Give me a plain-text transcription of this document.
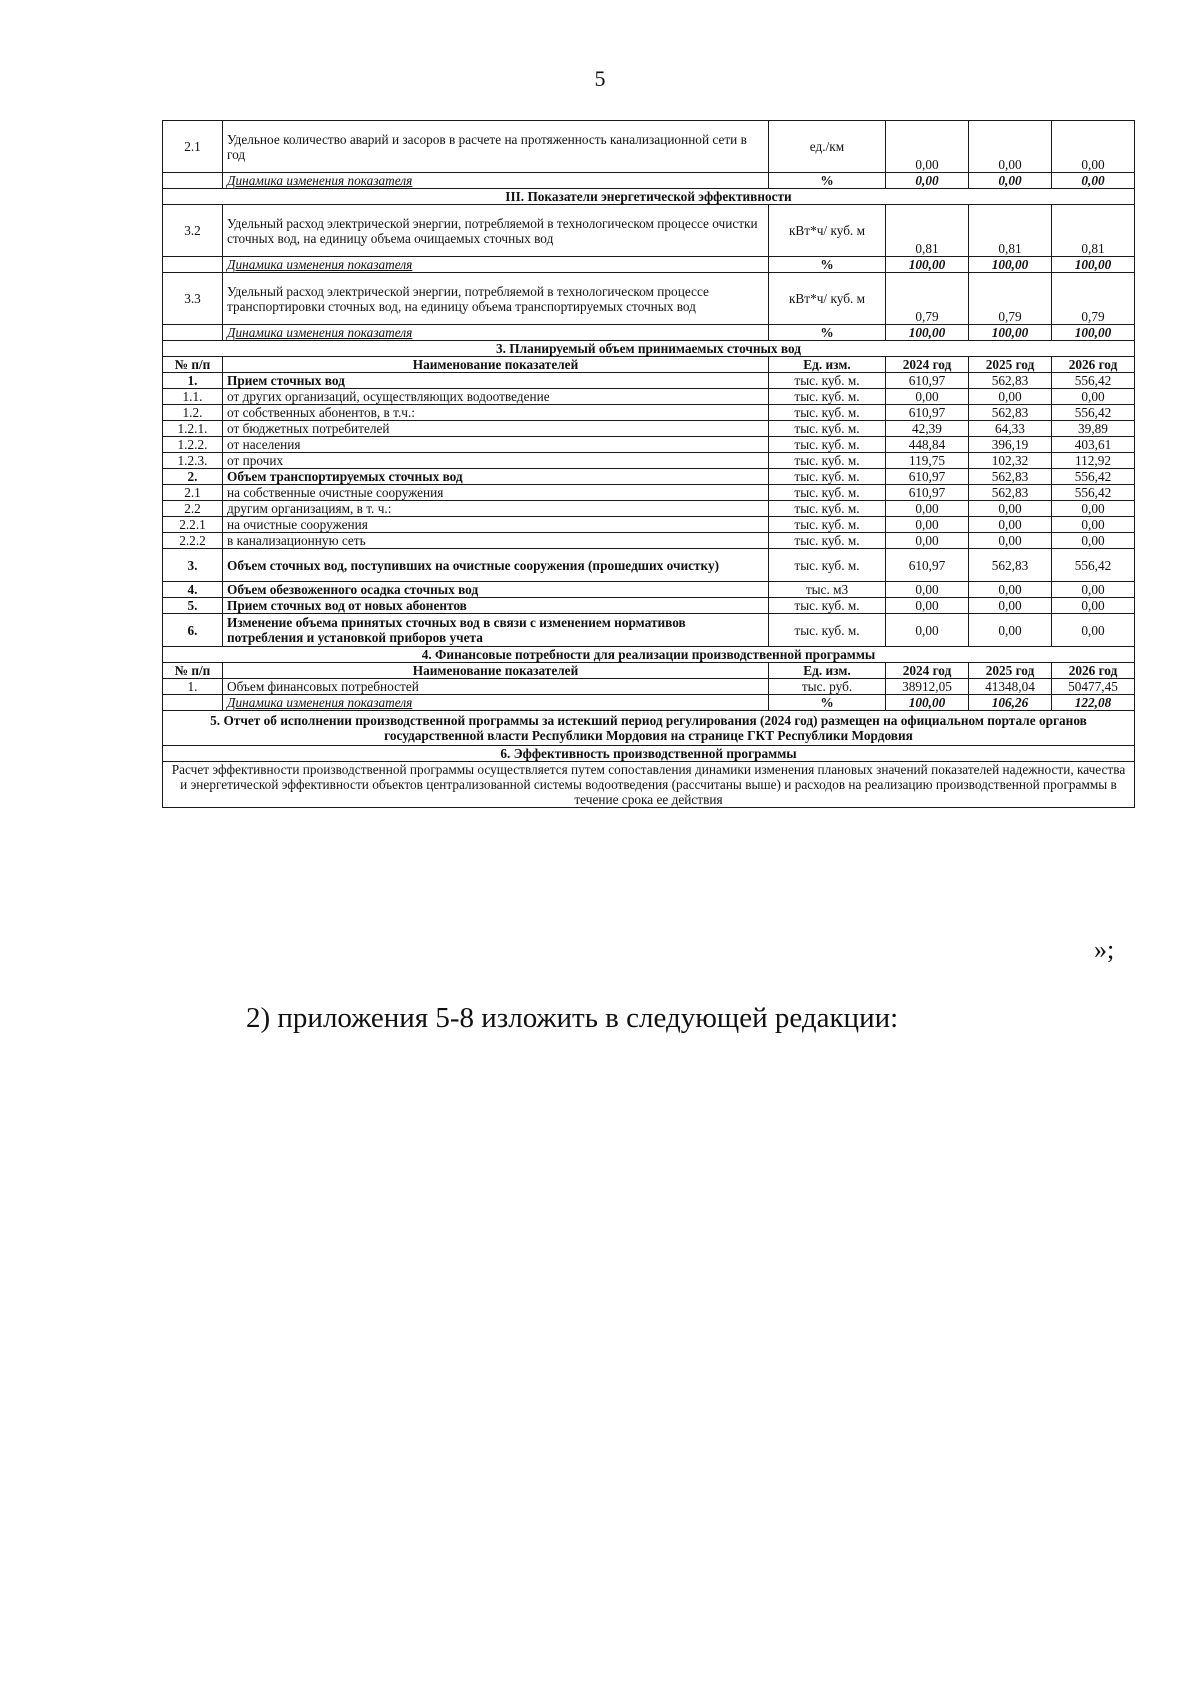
5
2.1	Удельное количество аварий и засоров в расчете на протяженность канализационной сети в год	ед./км	0,00	0,00	0,00
	Динамика изменения показателя	%	0,00	0,00	0,00
III. Показатели энергетической эффективности					
3.2	Удельный расход электрической энергии, потребляемой в технологическом процессе очистки сточных вод, на единицу объема очищаемых сточных вод	кВт*ч/ куб. м	0,81	0,81	0,81
	Динамика изменения показателя	%	100,00	100,00	100,00
3.3	Удельный расход электрической энергии, потребляемой в технологическом процессе транспортировки сточных вод, на единицу объема транспортируемых сточных вод	кВт*ч/ куб. м	0,79	0,79	0,79
	Динамика изменения показателя	%	100,00	100,00	100,00
3. Планируемый объем принимаемых сточных вод					
№ п/п	Наименование показателей	Ед. изм.	2024 год	2025 год	2026 год
1.	Прием сточных вод	тыс. куб. м.	610,97	562,83	556,42
1.1.	от других организаций, осуществляющих водоотведение	тыс. куб. м.	0,00	0,00	0,00
1.2.	от собственных абонентов, в т.ч.:	тыс. куб. м.	610,97	562,83	556,42
1.2.1.	от бюджетных потребителей	тыс. куб. м.	42,39	64,33	39,89
1.2.2.	от населения	тыс. куб. м.	448,84	396,19	403,61
1.2.3.	от прочих	тыс. куб. м.	119,75	102,32	112,92
2.	Объем транспортируемых сточных вод	тыс. куб. м.	610,97	562,83	556,42
2.1	на собственные очистные сооружения	тыс. куб. м.	610,97	562,83	556,42
2.2	другим организациям, в т. ч.:	тыс. куб. м.	0,00	0,00	0,00
2.2.1	на очистные сооружения	тыс. куб. м.	0,00	0,00	0,00
2.2.2	в канализационную сеть	тыс. куб. м.	0,00	0,00	0,00
3.	Объем сточных вод, поступивших на очистные сооружения (прошедших очистку)	тыс. куб. м.	610,97	562,83	556,42
4.	Объем обезвоженного осадка сточных вод	тыс. м3	0,00	0,00	0,00
5.	Прием сточных вод от новых абонентов	тыс. куб. м.	0,00	0,00	0,00
6.	Изменение объема принятых сточных вод в связи с изменением нормативов потребления и установкой приборов учета	тыс. куб. м.	0,00	0,00	0,00
4. Финансовые потребности для реализации производственной программы					
№ п/п	Наименование показателей	Ед. изм.	2024 год	2025 год	2026 год
1.	Объем финансовых потребностей	тыс. руб.	38912,05	41348,04	50477,45
	Динамика изменения показателя	%	100,00	106,26	122,08
5. Отчет об исполнении производственной программы за истекший период регулирования (2024 год) размещен на официальном портале органов государственной власти Республики Мордовия на странице ГКТ Республики Мордовия					
6. Эффективность производственной программы					
Расчет эффективности производственной программы осуществляется путем сопоставления динамики изменения плановых значений показателей надежности, качества и энергетической эффективности объектов централизованной системы водоотведения (рассчитаны выше) и расходов на реализацию производственной программы в течение срока ее действия					
»;
2) приложения 5-8 изложить в следующей редакции:
